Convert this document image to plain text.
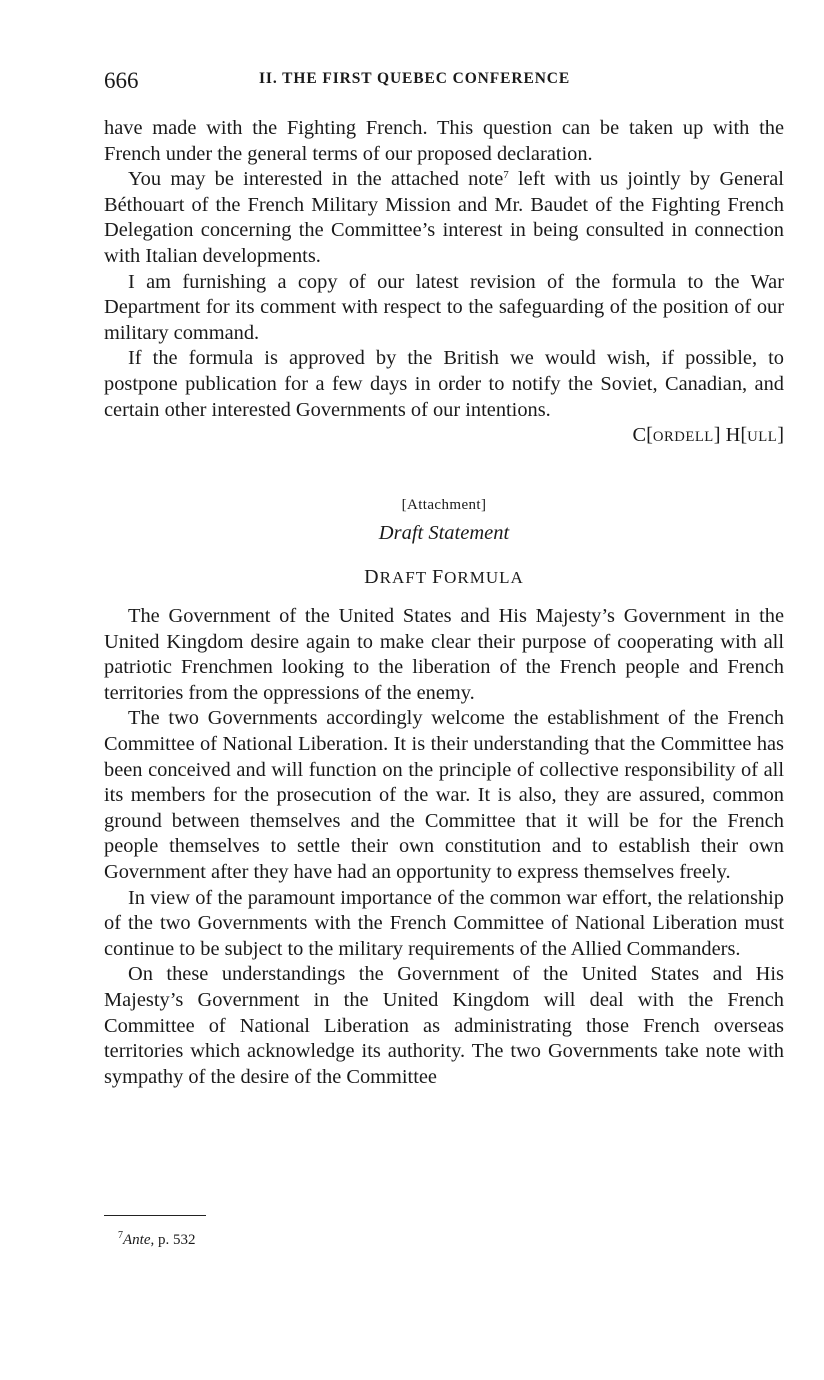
666	II. THE FIRST QUEBEC CONFERENCE

have made with the Fighting French. This question can be taken up with the French under the general terms of our proposed declaration.

You may be interested in the attached note$^7$ left with us jointly by General Béthouart of the French Military Mission and Mr. Baudet of the Fighting French Delegation concerning the Committee’s interest in being consulted in connection with Italian developments.

I am furnishing a copy of our latest revision of the formula to the War Department for its comment with respect to the safeguarding of the position of our military command.

If the formula is approved by the British we would wish, if possible, to postpone publication for a few days in order to notify the Soviet, Canadian, and certain other interested Governments of our intentions.

C[ORDELL] H[ULL]

[Attachment]
Draft Statement
DRAFT FORMULA

The Government of the United States and His Majesty’s Government in the United Kingdom desire again to make clear their purpose of cooperating with all patriotic Frenchmen looking to the liberation of the French people and French territories from the oppressions of the enemy.

The two Governments accordingly welcome the establishment of the French Committee of National Liberation. It is their understanding that the Committee has been conceived and will function on the principle of collective responsibility of all its members for the prosecution of the war. It is also, they are assured, common ground between themselves and the Committee that it will be for the French people themselves to settle their own constitution and to establish their own Government after they have had an opportunity to express themselves freely.

In view of the paramount importance of the common war effort, the relationship of the two Governments with the French Committee of National Liberation must continue to be subject to the military requirements of the Allied Commanders.

On these understandings the Government of the United States and His Majesty’s Government in the United Kingdom will deal with the French Committee of National Liberation as administrating those French overseas territories which acknowledge its authority. The two Governments take note with sympathy of the desire of the Committee

$^7$Ante, p. 532
